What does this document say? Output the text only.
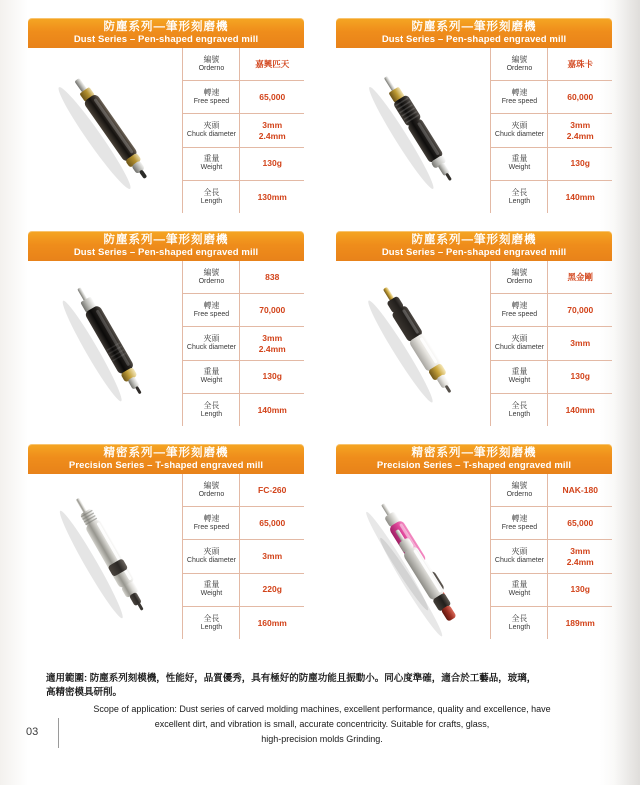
防塵系列—筆形刻磨機
Dust Series – Pen-shaped engraved mill
編號
Orderno	嘉興匹天
轉速
Free speed	65,000
夾頭
Chuck diameter
3mm
2.4mm
重量
Weight	130g
全長
Length	130mm
防塵系列—筆形刻磨機
Dust Series – Pen-shaped engraved mill
編號
Orderno	嘉珠卡
轉速
Free speed	60,000
夾頭
Chuck diameter
3mm
2.4mm
重量
Weight	130g
全長
Length	140mm
防塵系列—筆形刻磨機
Dust Series – Pen-shaped engraved mill
編號
Orderno	838
轉速
Free speed	70,000
夾頭
Chuck diameter
3mm
2.4mm
重量
Weight	130g
全長
Length	140mm
防塵系列—筆形刻磨機
Dust Series – Pen-shaped engraved mill
編號
Orderno	黑金剛
轉速
Free speed	70,000
夾頭
Chuck diameter	3mm
重量
Weight	130g
全長
Length	140mm
精密系列—筆形刻磨機
Precision Series – T-shaped engraved mill
編號
Orderno	FC-260
轉速
Free speed	65,000
夾頭
Chuck diameter	3mm
重量
Weight	220g
全長
Length	160mm
精密系列—筆形刻磨機
Precision Series – T-shaped engraved mill
編號
Orderno	NAK-180
轉速
Free speed	65,000
夾頭
Chuck diameter
3mm
2.4mm
重量
Weight	130g
全長
Length	189mm
適用範圍: 防塵系列刻模機，性能好，品質優秀，具有極好的防塵功能且振動小。同心度準確，適合於工藝品，玻璃，
高精密模具研削。
Scope of application: Dust series of carved molding machines, excellent performance, quality and excellence, have
excellent dirt, and vibration is small, accurate concentricity. Suitable for crafts, glass,
high-precision molds Grinding.
03
